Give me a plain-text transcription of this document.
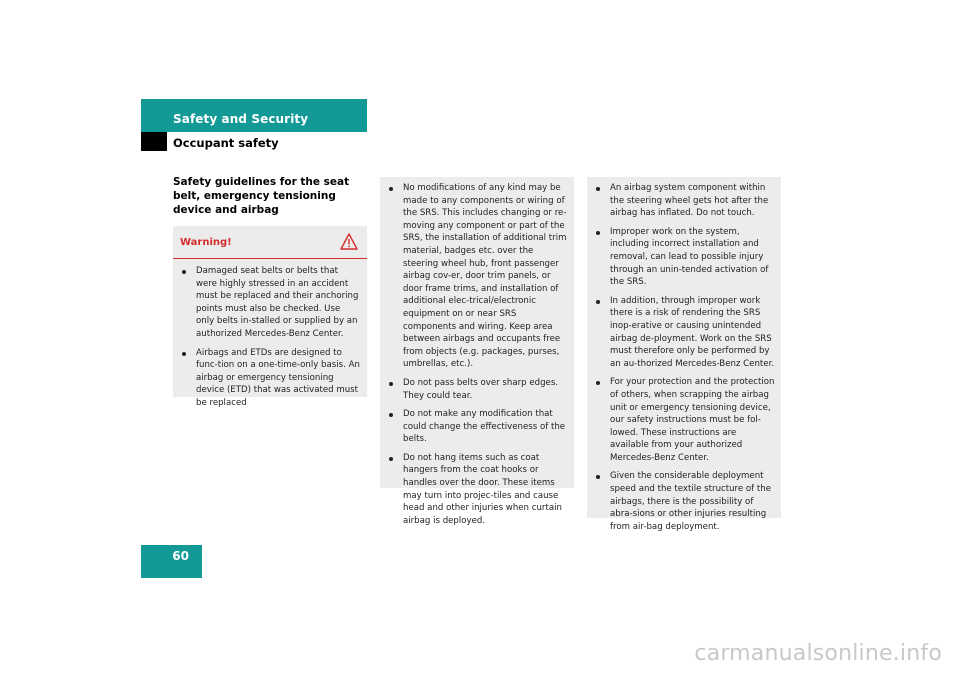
Safety and Security
Occupant safety
Safety guidelines for the seat belt, emergency tensioning device and airbag
Warning!
Damaged seat belts or belts that were highly stressed in an accident must be replaced and their anchoring points must also be checked. Use only belts in-stalled or supplied by an authorized Mercedes-Benz Center.
Airbags and ETDs are designed to func-tion on a one-time-only basis. An airbag or emergency tensioning device (ETD) that was activated must be replaced
No modifications of any kind may be made to any components or wiring of the SRS. This includes changing or re-moving any component or part of the SRS, the installation of additional trim material, badges etc. over the steering wheel hub, front passenger airbag cov-er, door trim panels, or door frame trims, and installation of additional elec-trical/electronic equipment on or near SRS components and wiring. Keep area between airbags and occupants free from objects (e.g. packages, purses, umbrellas, etc.).
Do not pass belts over sharp edges. They could tear.
Do not make any modification that could change the effectiveness of the belts.
Do not hang items such as coat hangers from the coat hooks or handles over the door. These items may turn into projec-tiles and cause head and other injuries when curtain airbag is deployed.
An airbag system component within the steering wheel gets hot after the airbag has inflated. Do not touch.
Improper work on the system, including incorrect installation and removal, can lead to possible injury through an unin-tended activation of the SRS.
In addition, through improper work there is a risk of rendering the SRS inop-erative or causing unintended airbag de-ployment. Work on the SRS must therefore only be performed by an au-thorized Mercedes-Benz Center.
For your protection and the protection of others, when scrapping the airbag unit or emergency tensioning device, our safety instructions must be fol-lowed. These instructions are available from your authorized Mercedes-Benz Center.
Given the considerable deployment speed and the textile structure of the airbags, there is the possibility of abra-sions or other injuries resulting from air-bag deployment.
60
carmanualsonline.info
